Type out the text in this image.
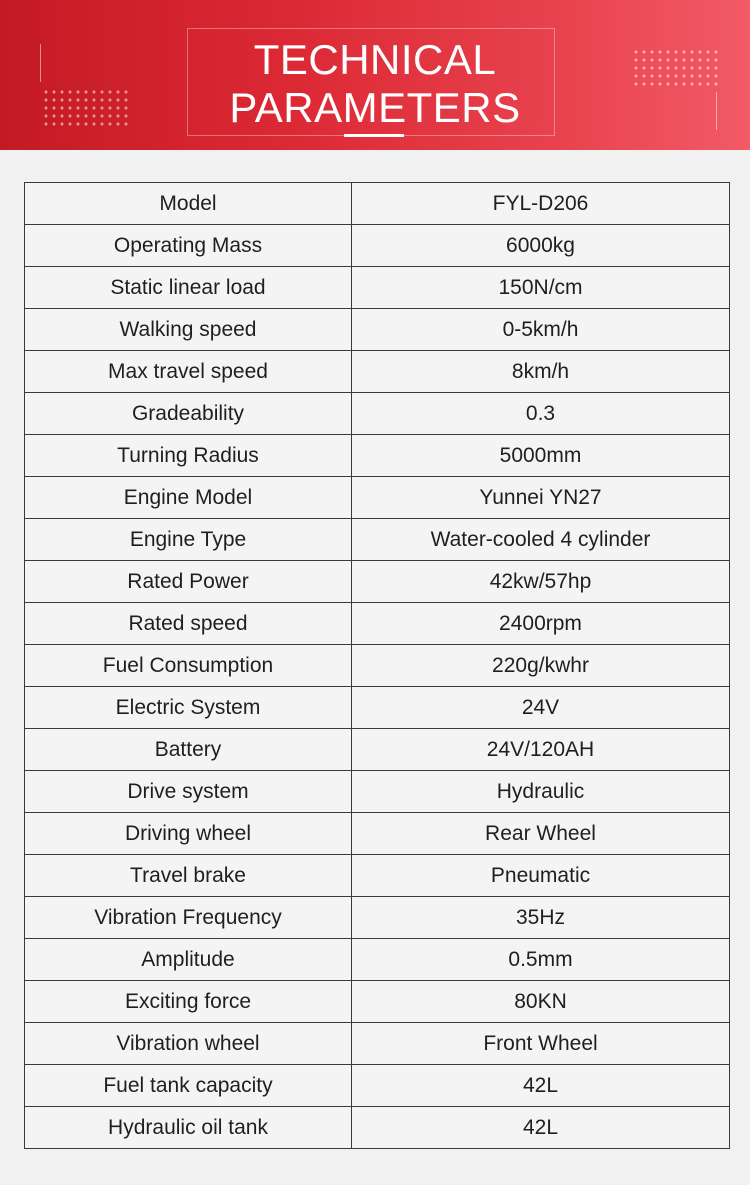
TECHNICAL
PARAMETERS
Model	FYL-D206
Operating Mass	6000kg
Static linear load	150N/cm
Walking speed	0-5km/h
Max travel speed	8km/h
Gradeability	0.3
Turning Radius	5000mm
Engine Model	Yunnei YN27
Engine Type	Water-cooled 4 cylinder
Rated Power	42kw/57hp
Rated speed	2400rpm
Fuel Consumption	220g/kwhr
Electric System	24V
Battery	24V/120AH
Drive system	Hydraulic
Driving wheel	Rear Wheel
Travel brake	Pneumatic
Vibration Frequency	35Hz
Amplitude	0.5mm
Exciting force	80KN
Vibration wheel	Front Wheel
Fuel tank capacity	42L
Hydraulic oil tank	42L
